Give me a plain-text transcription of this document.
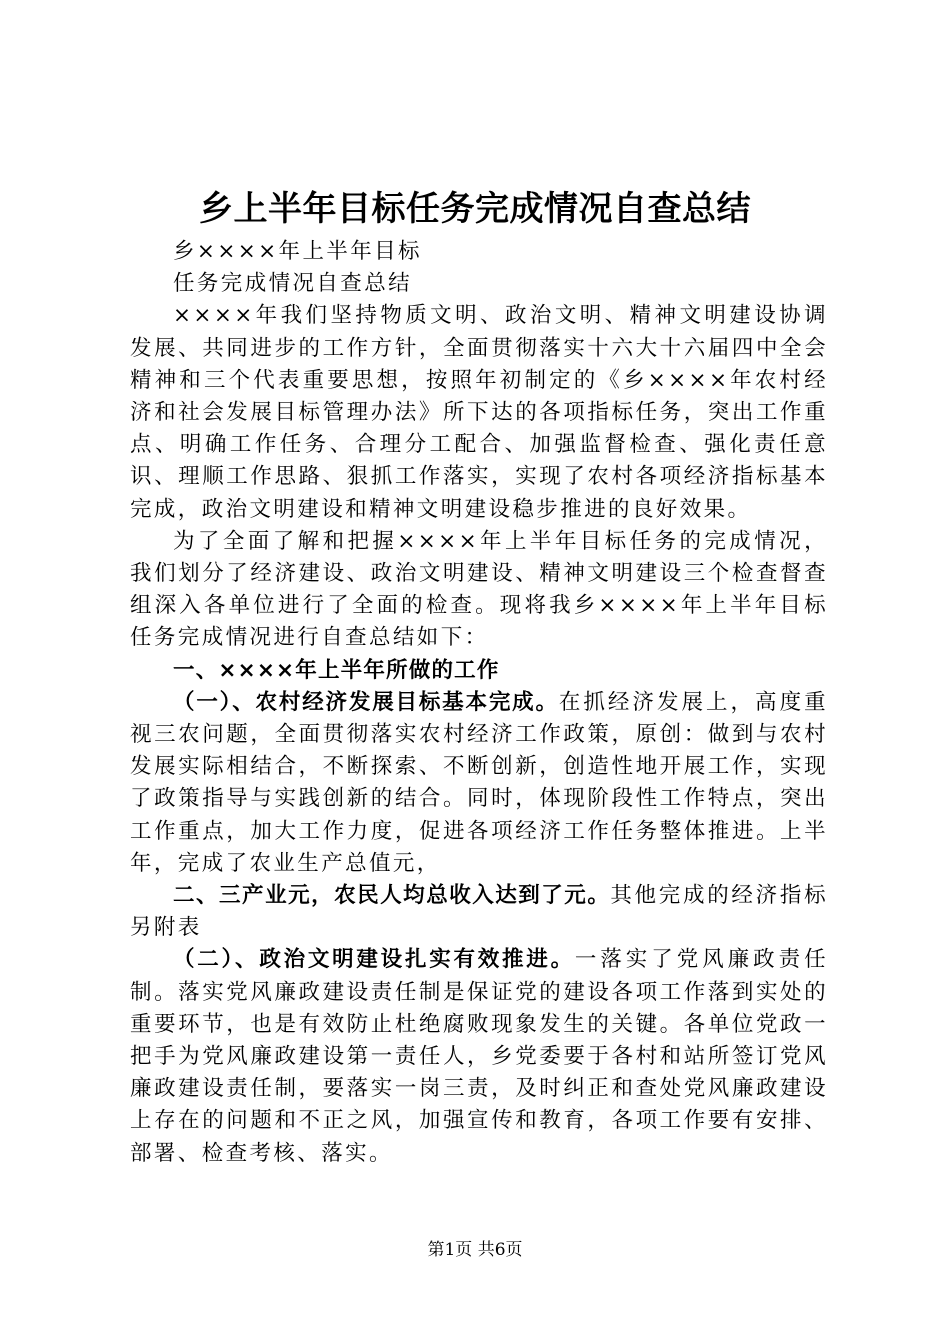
乡上半年目标任务完成情况自查总结

乡××××年上半年目标

任务完成情况自查总结

××××年我们坚持物质文明、政治文明、精神文明建设协调发展、共同进步的工作方针，全面贯彻落实十六大十六届四中全会精神和三个代表重要思想，按照年初制定的《乡××××年农村经济和社会发展目标管理办法》所下达的各项指标任务，突出工作重点、明确工作任务、合理分工配合、加强监督检查、强化责任意识、理顺工作思路、狠抓工作落实，实现了农村各项经济指标基本完成，政治文明建设和精神文明建设稳步推进的良好效果。

为了全面了解和把握××××年上半年目标任务的完成情况，我们划分了经济建设、政治文明建设、精神文明建设三个检查督查组深入各单位进行了全面的检查。现将我乡××××年上半年目标任务完成情况进行自查总结如下：

一、××××年上半年所做的工作

（一）、农村经济发展目标基本完成。在抓经济发展上，高度重视三农问题，全面贯彻落实农村经济工作政策，原创：做到与农村发展实际相结合，不断探索、不断创新，创造性地开展工作，实现了政策指导与实践创新的结合。同时，体现阶段性工作特点，突出工作重点，加大工作力度，促进各项经济工作任务整体推进。上半年，完成了农业生产总值元，

二、三产业元，农民人均总收入达到了元。其他完成的经济指标另附表

（二）、政治文明建设扎实有效推进。一落实了党风廉政责任制。落实党风廉政建设责任制是保证党的建设各项工作落到实处的重要环节，也是有效防止杜绝腐败现象发生的关键。各单位党政一把手为党风廉政建设第一责任人，乡党委要于各村和站所签订党风廉政建设责任制，要落实一岗三责，及时纠正和查处党风廉政建设上存在的问题和不正之风，加强宣传和教育，各项工作要有安排、部署、检查考核、落实。

第1页 共6页
